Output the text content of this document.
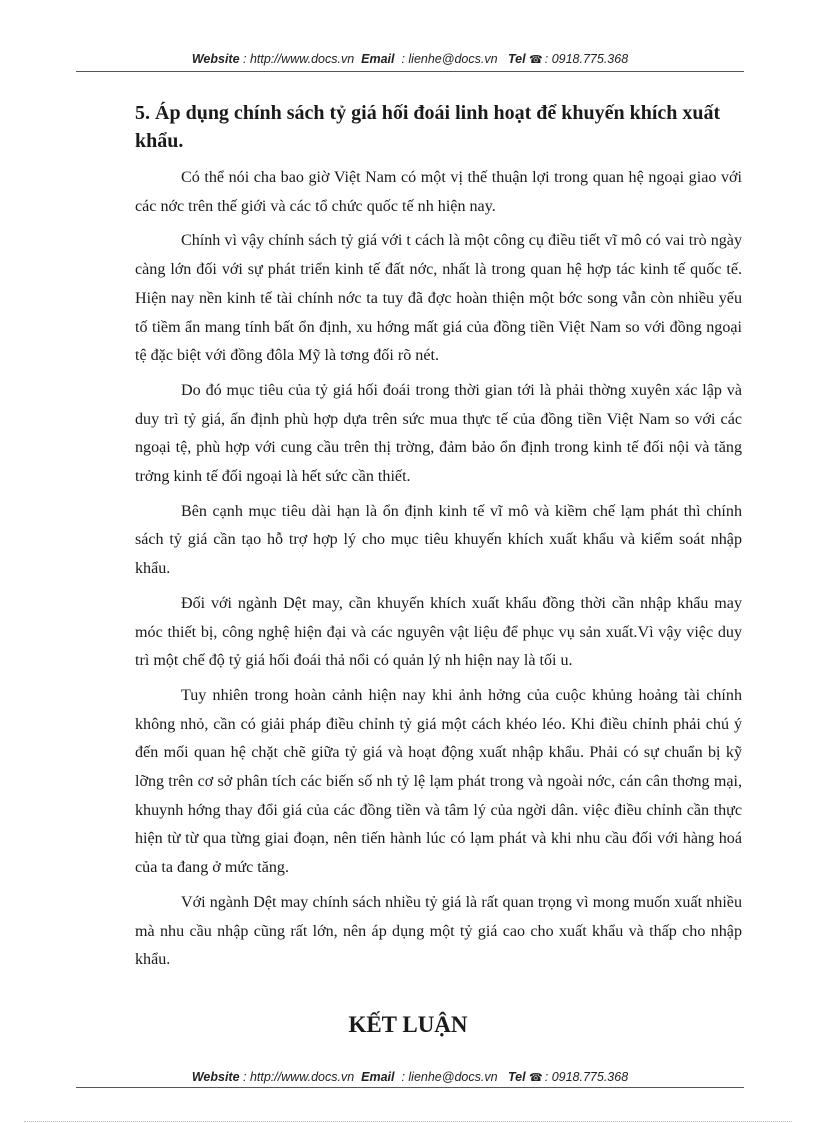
Website : http://www.docs.vn Email : lienhe@docs.vn Tel ☎ : 0918.775.368
5. Áp dụng chính sách tỷ giá hối đoái linh hoạt để khuyến khích xuất khẩu.

Có thể nói cha bao giờ Việt Nam có một vị thế thuận lợi trong quan hệ ngoại giao với các nớc trên thế giới và các tổ chức quốc tế nh hiện nay.

Chính vì vậy chính sách tỷ giá với t cách là một công cụ điều tiết vĩ mô có vai trò ngày càng lớn đối với sự phát triển kinh tế đất nớc, nhất là trong quan hệ hợp tác kinh tế quốc tế. Hiện nay nền kinh tế tài chính nớc ta tuy đã đợc hoàn thiện một bớc song vẫn còn nhiều yếu tố tiềm ẩn mang tính bất ổn định, xu hớng mất giá của đồng tiền Việt Nam so với đồng ngoại tệ đặc biệt với đồng đôla Mỹ là tơng đối rõ nét.

Do đó mục tiêu của tỷ giá hối đoái trong thời gian tới là phải thờng xuyên xác lập và duy trì tỷ giá, ấn định phù hợp dựa trên sức mua thực tế của đồng tiền Việt Nam so với các ngoại tệ, phù hợp với cung cầu trên thị trờng, đảm bảo ổn định trong kinh tế đối nội và tăng trởng kinh tế đối ngoại là hết sức cần thiết.

Bên cạnh mục tiêu dài hạn là ổn định kinh tế vĩ mô và kiềm chế lạm phát thì chính sách tỷ giá cần tạo hỗ trợ hợp lý cho mục tiêu khuyến khích xuất khẩu và kiểm soát nhập khẩu.

Đối với ngành Dệt may, cần khuyến khích xuất khẩu đồng thời cần nhập khẩu may móc thiết bị, công nghệ hiện đại và các nguyên vật liệu để phục vụ sản xuất.Vì vậy việc duy trì một chế độ tỷ giá hối đoái thả nổi có quản lý nh hiện nay là tối u.

Tuy nhiên trong hoàn cảnh hiện nay khi ảnh hởng của cuộc khủng hoảng tài chính không nhỏ, cần có giải pháp điều chỉnh tỷ giá một cách khéo léo. Khi điều chỉnh phải chú ý đến mối quan hệ chặt chẽ giữa tỷ giá và hoạt động xuất nhập khẩu. Phải có sự chuẩn bị kỹ lỡng trên cơ sở phân tích các biến số nh tỷ lệ lạm phát trong và ngoài nớc, cán cân thơng mại, khuynh hớng thay đổi giá của các đồng tiền và tâm lý của ngời dân. việc điều chỉnh cần thực hiện từ từ qua từng giai đoạn, nên tiến hành lúc có lạm phát và khi nhu cầu đối với hàng hoá của ta đang ở mức tăng.

Với ngành Dệt may chính sách nhiều tỷ giá là rất quan trọng vì mong muốn xuất nhiều mà nhu cầu nhập cũng rất lớn, nên áp dụng một tỷ giá cao cho xuất khẩu và thấp cho nhập khẩu.

KẾT LUẬN
Website : http://www.docs.vn Email : lienhe@docs.vn Tel ☎ : 0918.775.368
